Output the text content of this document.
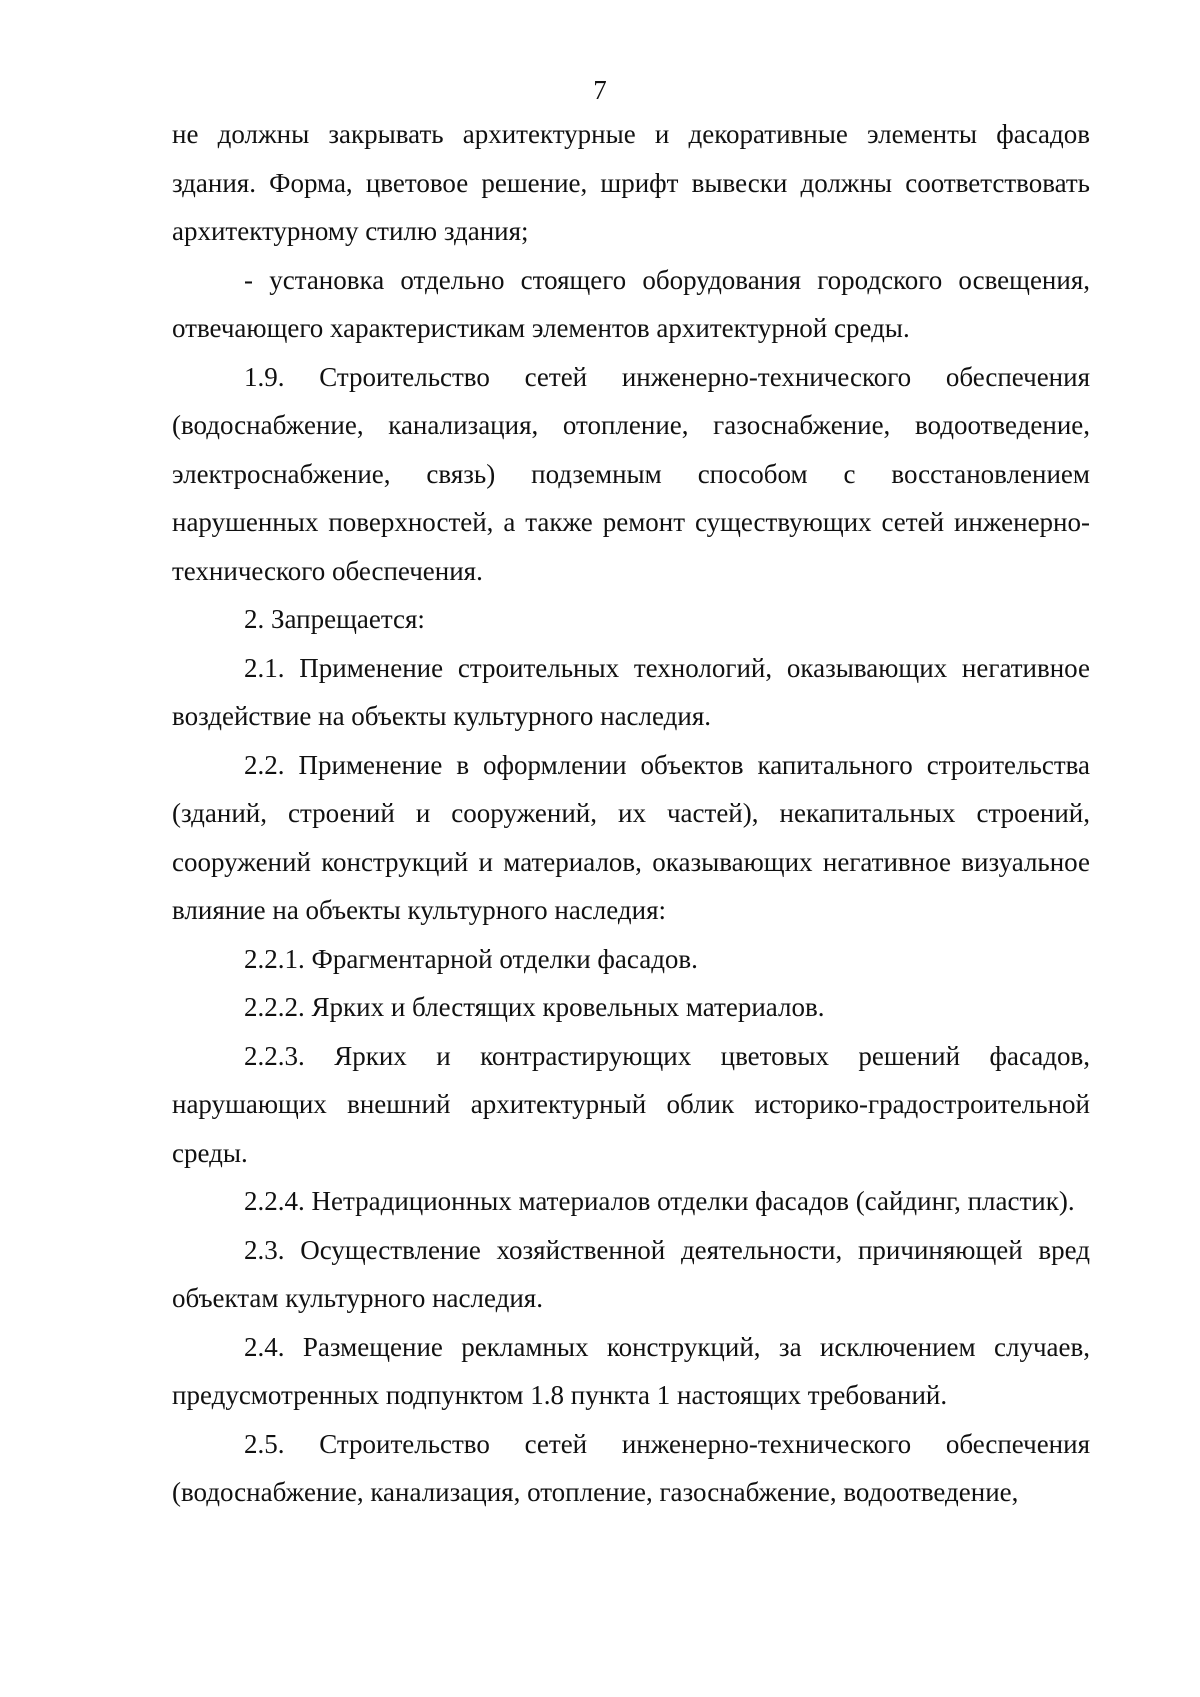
7

не должны закрывать архитектурные и декоративные элементы фасадов здания. Форма, цветовое решение, шрифт вывески должны соответствовать архитектурному стилю здания;

- установка отдельно стоящего оборудования городского освещения, отвечающего характеристикам элементов архитектурной среды.

1.9. Строительство сетей инженерно-технического обеспечения (водоснабжение, канализация, отопление, газоснабжение, водоотведение, электроснабжение, связь) подземным способом с восстановлением нарушенных поверхностей, а также ремонт существующих сетей инженерно-технического обеспечения.

2. Запрещается:

2.1. Применение строительных технологий, оказывающих негативное воздействие на объекты культурного наследия.

2.2. Применение в оформлении объектов капитального строительства (зданий, строений и сооружений, их частей), некапитальных строений, сооружений конструкций и материалов, оказывающих негативное визуальное влияние на объекты культурного наследия:

2.2.1. Фрагментарной отделки фасадов.

2.2.2. Ярких и блестящих кровельных материалов.

2.2.3. Ярких и контрастирующих цветовых решений фасадов, нарушающих внешний архитектурный облик историко-градостроительной среды.

2.2.4. Нетрадиционных материалов отделки фасадов (сайдинг, пластик).

2.3. Осуществление хозяйственной деятельности, причиняющей вред объектам культурного наследия.

2.4. Размещение рекламных конструкций, за исключением случаев, предусмотренных подпунктом 1.8 пункта 1 настоящих требований.

2.5. Строительство сетей инженерно-технического обеспечения (водоснабжение, канализация, отопление, газоснабжение, водоотведение,
